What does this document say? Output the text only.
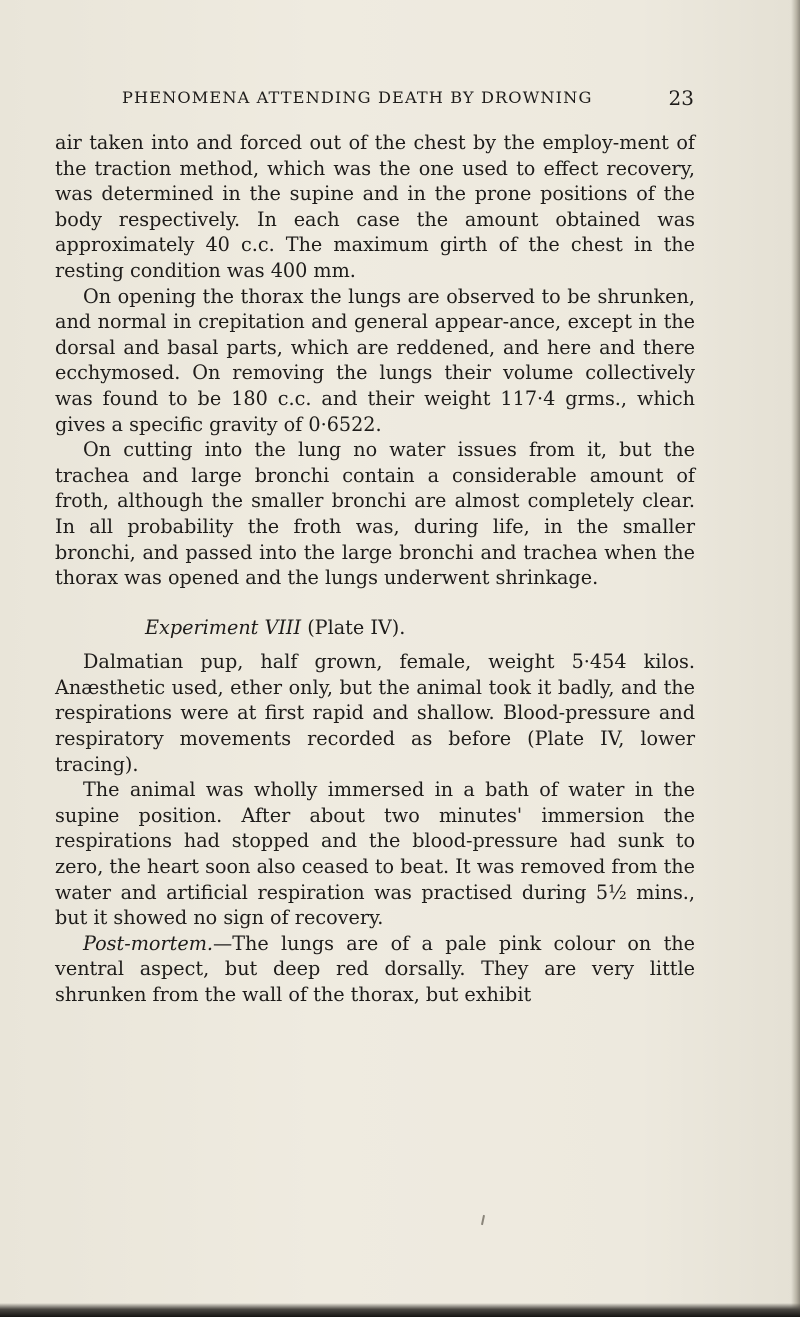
PHENOMENA ATTENDING DEATH BY DROWNING	23

air taken into and forced out of the chest by the employ-ment of the traction method, which was the one used to effect recovery, was determined in the supine and in the prone positions of the body respectively. In each case the amount obtained was approximately 40 c.c. The maximum girth of the chest in the resting condition was 400 mm.

On opening the thorax the lungs are observed to be shrunken, and normal in crepitation and general appear-ance, except in the dorsal and basal parts, which are reddened, and here and there ecchymosed. On removing the lungs their volume collectively was found to be 180 c.c. and their weight 117·4 grms., which gives a specific gravity of 0·6522.

On cutting into the lung no water issues from it, but the trachea and large bronchi contain a considerable amount of froth, although the smaller bronchi are almost completely clear. In all probability the froth was, during life, in the smaller bronchi, and passed into the large bronchi and trachea when the thorax was opened and the lungs underwent shrinkage.

Experiment VIII (Plate IV).

Dalmatian pup, half grown, female, weight 5·454 kilos. Anæsthetic used, ether only, but the animal took it badly, and the respirations were at first rapid and shallow. Blood-pressure and respiratory movements recorded as before (Plate IV, lower tracing).

The animal was wholly immersed in a bath of water in the supine position. After about two minutes' immersion the respirations had stopped and the blood-pressure had sunk to zero, the heart soon also ceased to beat. It was removed from the water and artificial respiration was practised during 5½ mins., but it showed no sign of recovery.

Post-mortem.—The lungs are of a pale pink colour on the ventral aspect, but deep red dorsally. They are very little shrunken from the wall of the thorax, but exhibit
